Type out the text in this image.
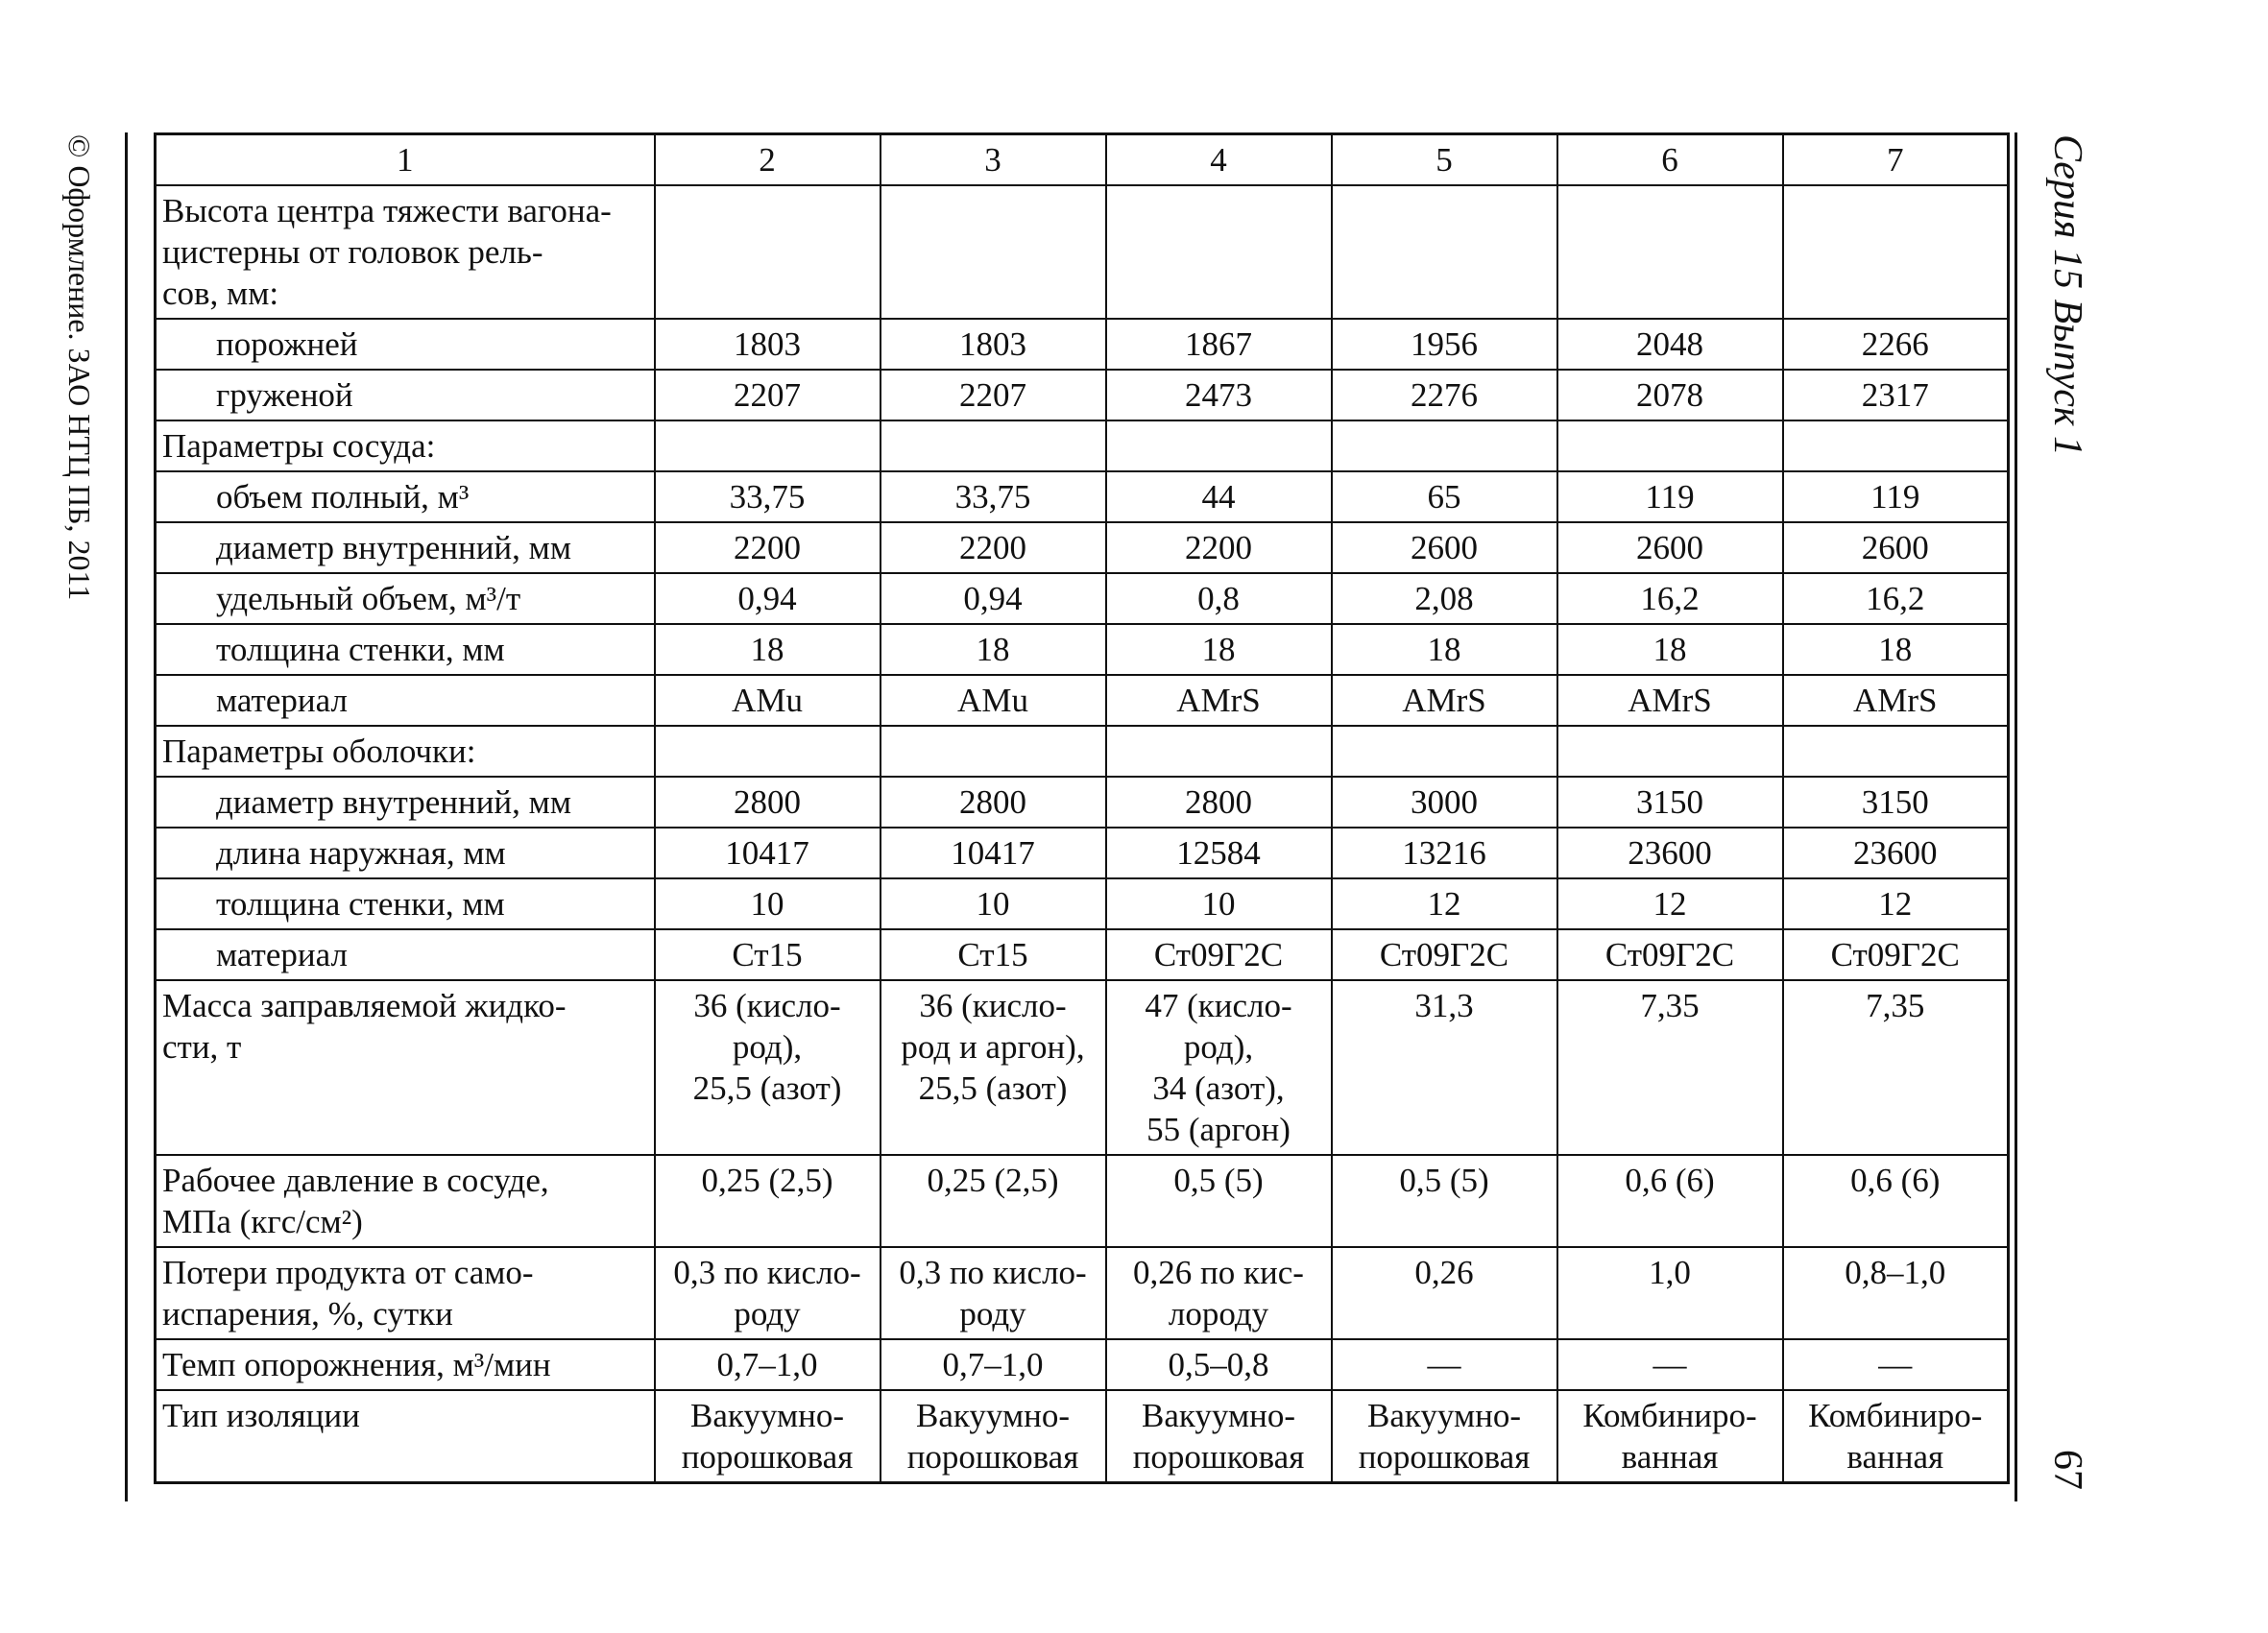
© Оформление. ЗАО НТЦ ПБ, 2011	Серия 15 Выпуск 1
67
1	2	3	4	5	6	7

Высота центра тяжести вагона-
цистерны от головок рель-
сов, мм:						

порожней	1803	1803	1867	1956	2048	2266

груженой	2207	2207	2473	2276	2078	2317

Параметры сосуда:						

объем полный, м³	33,75	33,75	44	65	119	119

диаметр внутренний, мм	2200	2200	2200	2600	2600	2600

удельный объем, м³/т	0,94	0,94	0,8	2,08	16,2	16,2

толщина стенки, мм	18	18	18	18	18	18

материал	AMu	AMu	AMrS	AMrS	AMrS	AMrS

Параметры оболочки:						

диаметр внутренний, мм	2800	2800	2800	3000	3150	3150

длина наружная, мм	10417	10417	12584	13216	23600	23600

толщина стенки, мм	10	10	10	12	12	12

материал	Ст15	Ст15	Ст09Г2С	Ст09Г2С	Ст09Г2С	Ст09Г2С

Масса заправляемой жидко-
сти, т	36 (кисло-
род),
25,5 (азот)	36 (кисло-
род и аргон),
25,5 (азот)	47 (кисло-
род),
34 (азот),
55 (аргон)	31,3	7,35	7,35

Рабочее давление в сосуде,
МПа (кгс/см²)	0,25 (2,5)	0,25 (2,5)	0,5 (5)	0,5 (5)	0,6 (6)	0,6 (6)

Потери продукта от само-
испарения, %, сутки	0,3 по кисло-
роду	0,3 по кисло-
роду	0,26 по кис-
лороду	0,26	1,0	0,8–1,0

Темп опорожнения, м³/мин	0,7–1,0	0,7–1,0	0,5–0,8	—	—	—

Тип изоляции	Вакуумно-
порошковая	Вакуумно-
порошковая	Вакуумно-
порошковая	Вакуумно-
порошковая	Комбиниро-
ванная	Комбиниро-
ванная
